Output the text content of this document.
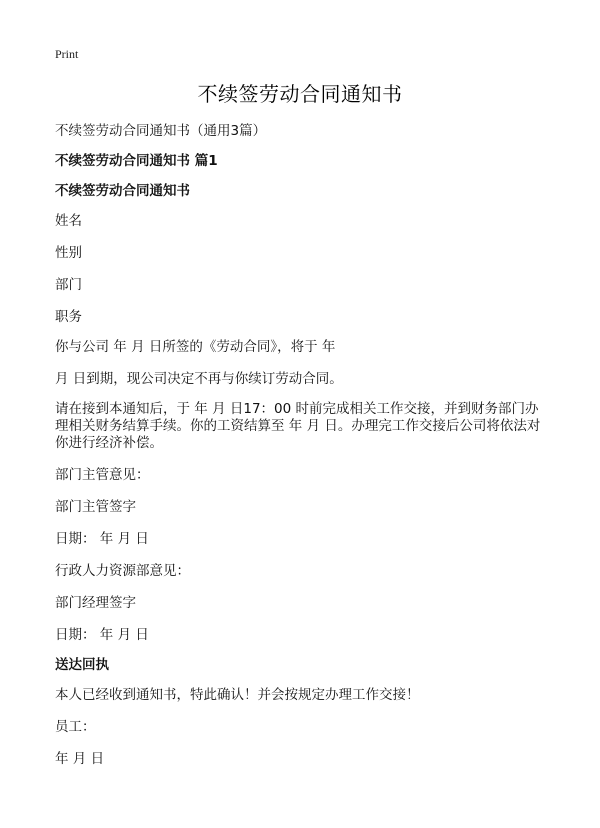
Print
不续签劳动合同通知书
不续签劳动合同通知书（通用3篇）
不续签劳动合同通知书 篇1
不续签劳动合同通知书
姓名
性别
部门
职务
你与公司 年 月 日所签的《劳动合同》，将于 年
月 日到期，现公司决定不再与你续订劳动合同。
请在接到本通知后，于 年 月 日17：00 时前完成相关工作交接，并到财务部门办理相关财务结算手续。你的工资结算至 年 月 日。办理完工作交接后公司将依法对你进行经济补偿。
部门主管意见：
部门主管签字
日期： 年 月 日
行政人力资源部意见：
部门经理签字
日期： 年 月 日
送达回执
本人已经收到通知书，特此确认！并会按规定办理工作交接！
员工：
年 月 日
